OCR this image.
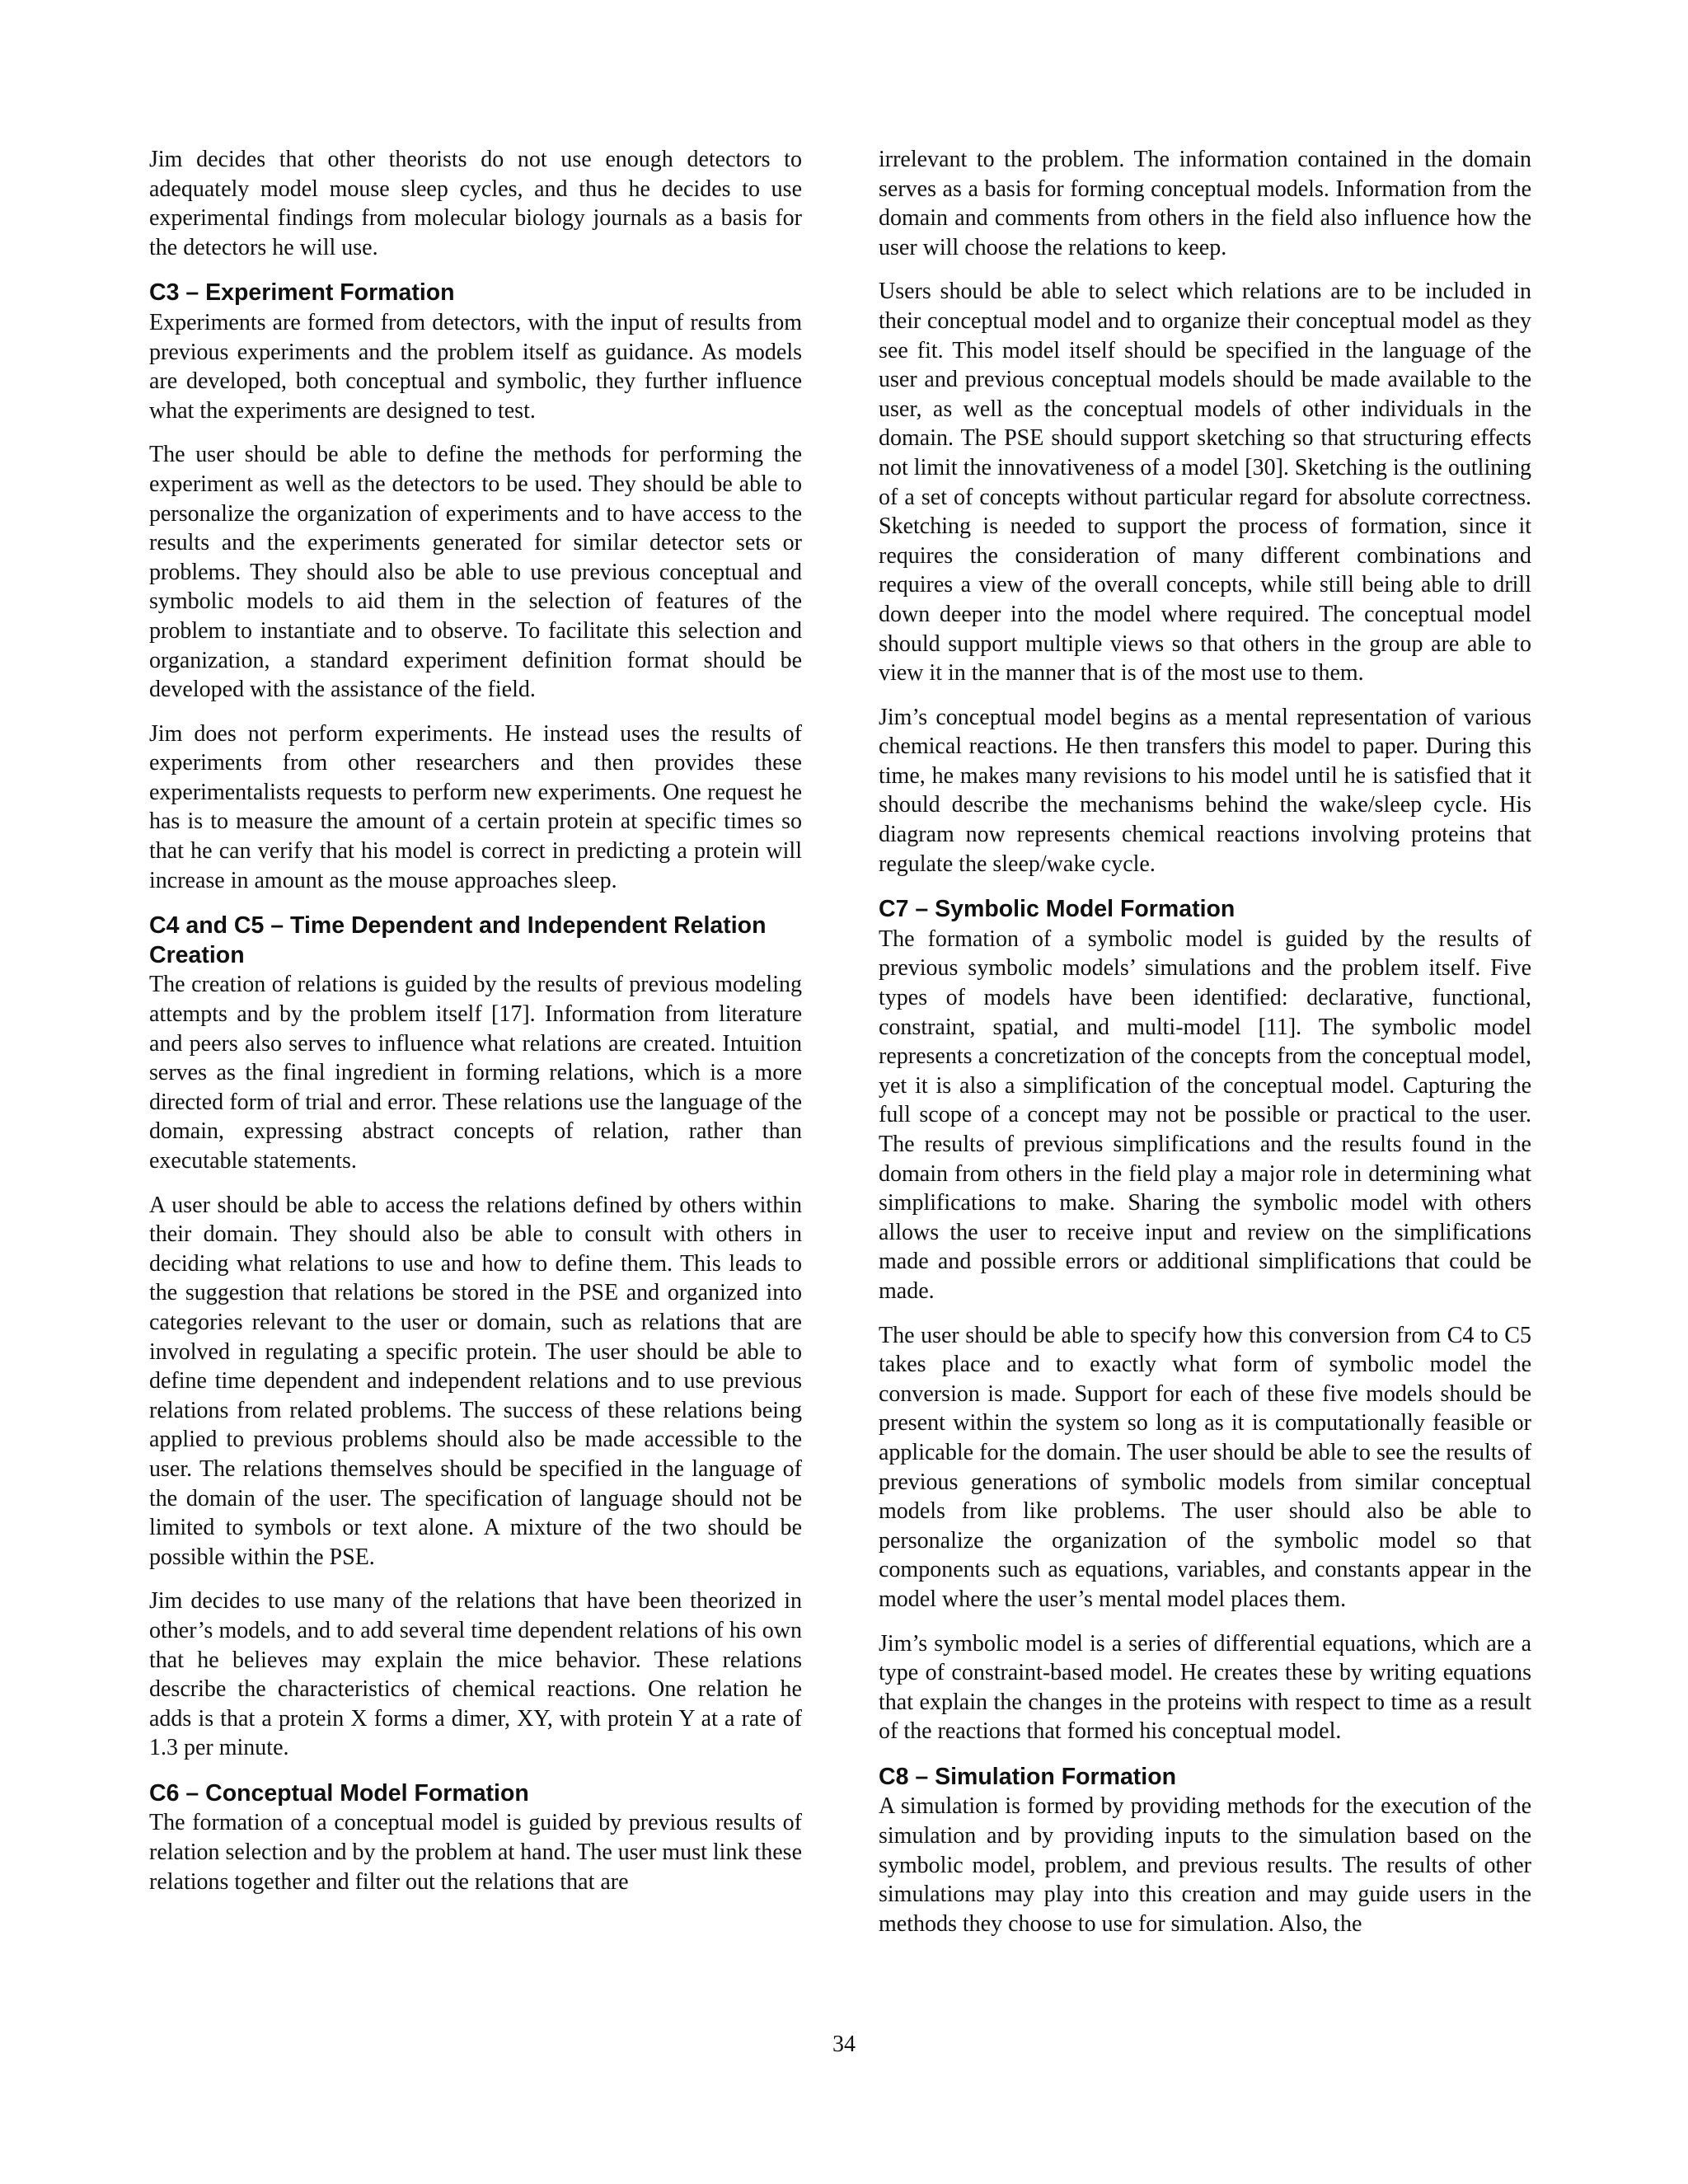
Jim decides that other theorists do not use enough detectors to adequately model mouse sleep cycles, and thus he decides to use experimental findings from molecular biology journals as a basis for the detectors he will use.

C3 – Experiment Formation

Experiments are formed from detectors, with the input of results from previous experiments and the problem itself as guidance. As models are developed, both conceptual and symbolic, they further influence what the experiments are designed to test.

The user should be able to define the methods for performing the experiment as well as the detectors to be used. They should be able to personalize the organization of experiments and to have access to the results and the experiments generated for similar detector sets or problems. They should also be able to use previous conceptual and symbolic models to aid them in the selection of features of the problem to instantiate and to observe. To facilitate this selection and organization, a standard experiment definition format should be developed with the assistance of the field.

Jim does not perform experiments. He instead uses the results of experiments from other researchers and then provides these experimentalists requests to perform new experiments. One request he has is to measure the amount of a certain protein at specific times so that he can verify that his model is correct in predicting a protein will increase in amount as the mouse approaches sleep.

C4 and C5 – Time Dependent and Independent Relation Creation

The creation of relations is guided by the results of previous modeling attempts and by the problem itself [17]. Information from literature and peers also serves to influence what relations are created. Intuition serves as the final ingredient in forming relations, which is a more directed form of trial and error. These relations use the language of the domain, expressing abstract concepts of relation, rather than executable statements.

A user should be able to access the relations defined by others within their domain. They should also be able to consult with others in deciding what relations to use and how to define them. This leads to the suggestion that relations be stored in the PSE and organized into categories relevant to the user or domain, such as relations that are involved in regulating a specific protein. The user should be able to define time dependent and independent relations and to use previous relations from related problems. The success of these relations being applied to previous problems should also be made accessible to the user. The relations themselves should be specified in the language of the domain of the user. The specification of language should not be limited to symbols or text alone. A mixture of the two should be possible within the PSE.

Jim decides to use many of the relations that have been theorized in other’s models, and to add several time dependent relations of his own that he believes may explain the mice behavior. These relations describe the characteristics of chemical reactions. One relation he adds is that a protein X forms a dimer, XY, with protein Y at a rate of 1.3 per minute.

C6 – Conceptual Model Formation

The formation of a conceptual model is guided by previous results of relation selection and by the problem at hand. The user must link these relations together and filter out the relations that are

irrelevant to the problem. The information contained in the domain serves as a basis for forming conceptual models. Information from the domain and comments from others in the field also influence how the user will choose the relations to keep.

Users should be able to select which relations are to be included in their conceptual model and to organize their conceptual model as they see fit. This model itself should be specified in the language of the user and previous conceptual models should be made available to the user, as well as the conceptual models of other individuals in the domain. The PSE should support sketching so that structuring effects not limit the innovativeness of a model [30]. Sketching is the outlining of a set of concepts without particular regard for absolute correctness. Sketching is needed to support the process of formation, since it requires the consideration of many different combinations and requires a view of the overall concepts, while still being able to drill down deeper into the model where required. The conceptual model should support multiple views so that others in the group are able to view it in the manner that is of the most use to them.

Jim’s conceptual model begins as a mental representation of various chemical reactions. He then transfers this model to paper. During this time, he makes many revisions to his model until he is satisfied that it should describe the mechanisms behind the wake/sleep cycle. His diagram now represents chemical reactions involving proteins that regulate the sleep/wake cycle.

C7 – Symbolic Model Formation

The formation of a symbolic model is guided by the results of previous symbolic models’ simulations and the problem itself. Five types of models have been identified: declarative, functional, constraint, spatial, and multi-model [11]. The symbolic model represents a concretization of the concepts from the conceptual model, yet it is also a simplification of the conceptual model. Capturing the full scope of a concept may not be possible or practical to the user. The results of previous simplifications and the results found in the domain from others in the field play a major role in determining what simplifications to make. Sharing the symbolic model with others allows the user to receive input and review on the simplifications made and possible errors or additional simplifications that could be made.

The user should be able to specify how this conversion from C4 to C5 takes place and to exactly what form of symbolic model the conversion is made. Support for each of these five models should be present within the system so long as it is computationally feasible or applicable for the domain. The user should be able to see the results of previous generations of symbolic models from similar conceptual models from like problems. The user should also be able to personalize the organization of the symbolic model so that components such as equations, variables, and constants appear in the model where the user’s mental model places them.

Jim’s symbolic model is a series of differential equations, which are a type of constraint-based model. He creates these by writing equations that explain the changes in the proteins with respect to time as a result of the reactions that formed his conceptual model.

C8 – Simulation Formation

A simulation is formed by providing methods for the execution of the simulation and by providing inputs to the simulation based on the symbolic model, problem, and previous results. The results of other simulations may play into this creation and may guide users in the methods they choose to use for simulation. Also, the

34
